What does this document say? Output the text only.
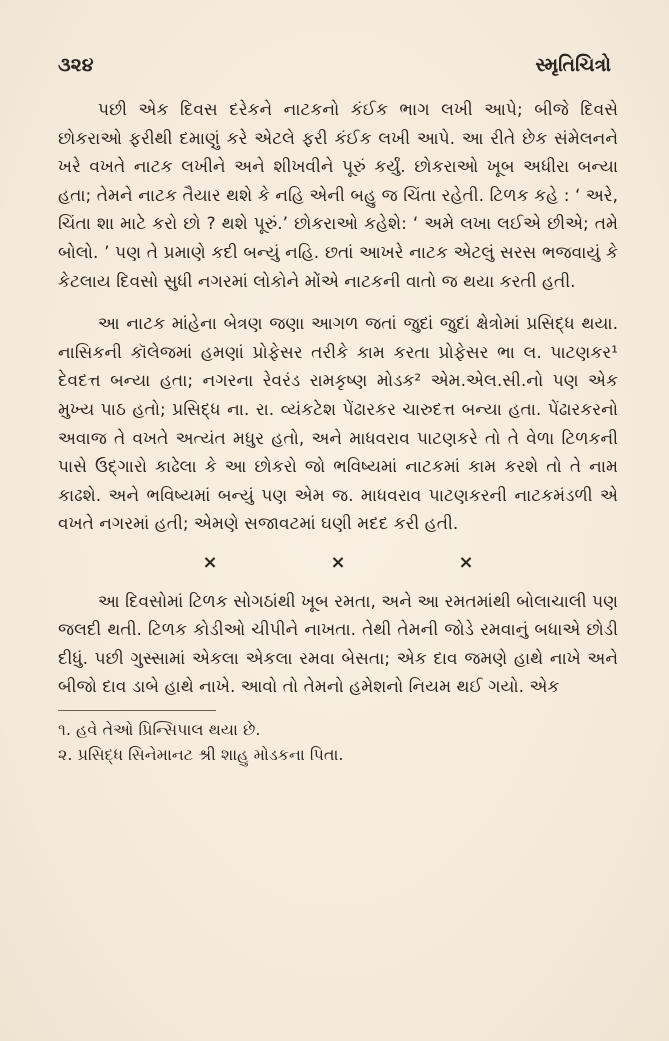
૩૨૪	સ્મૃતિચિત્રો

પછી એક દિવસ દરેકને નાટકનો કંઈક ભાગ લખી આપે; બીજે દિવસે છોકરાઓ ફરીથી દમાણું કરે એટલે ફરી કંઈક લખી આપે. આ રીતે છેક સંમેલનને ખરે વખતે નાટક લખીને અને શીખવીને પૂરું કર્યું. છોકરાઓ ખૂબ અધીરા બન્યા હતા; તેમને નાટક તૈયાર થશે કે નહિ એની બહુ જ ચિંતા રહેતી. ટિળક કહે : ‘ અરે, ચિંતા શા માટે કરો છો ? થશે પૂરું.’ છોકરાઓ કહેશે: ‘ અમે લખા લઈએ છીએ; તમે બોલો. ’ પણ તે પ્રમાણે કદી બન્યું નહિ. છતાં આખરે નાટક એટલું સરસ ભજવાયું કે કેટલાય દિવસો સુધી નગરમાં લોકોને મોંએ નાટકની વાતો જ થયા કરતી હતી.

આ નાટક માંહેના બેત્રણ જણા આગળ જતાં જુદાં જુદાં ક્ષેત્રોમાં પ્રસિદ્ધ થયા. નાસિકની કૉલેજમાં હમણાં પ્રોફેસર તરીકે કામ કરતા પ્રોફેસર ભા લ. પાટણકર¹ દેવદત્ત બન્યા હતા; નગરના રેવરંડ રામકૃષ્ણ મોડક² એમ.એલ.સી.નો પણ એક મુખ્ય પાઠ હતો; પ્રસિદ્ધ ના. રા. વ્યંકટેશ પેંઢારકર ચારુદત્ત બન્યા હતા. પેંઢારકરનો અવાજ તે વખતે અત્યંત મધુર હતો, અને માધવરાવ પાટણકરે તો તે વેળા ટિળકની પાસે ઉદ્ગારો કાઢેલા કે આ છોકરો જો ભવિષ્યમાં નાટકમાં કામ કરશે તો તે નામ કાઢશે. અને ભવિષ્યમાં બન્યું પણ એમ જ. માધવરાવ પાટણકરની નાટકમંડળી એ વખતે નગરમાં હતી; એમણે સજાવટમાં ઘણી મદદ કરી હતી.

×	×	×

આ દિવસોમાં ટિળક સોગઠાંથી ખૂબ રમતા, અને આ રમતમાંથી બોલાચાલી પણ જલદી થતી. ટિળક કોડીઓ ચીપીને નાખતા. તેથી તેમની જોડે રમવાનું બધાએ છોડી દીધું. પછી ગુસ્સામાં એકલા એકલા રમવા બેસતા; એક દાવ જમણે હાથે નાખે અને બીજો દાવ ડાબે હાથે નાખે. આવો તો તેમનો હમેશનો નિયમ થઈ ગયો. એક

૧. હવે તેઓ પ્રિન્સિપાલ થયા છે.
૨. પ્રસિદ્ધ સિનેમાનટ શ્રી શાહુ મોડકના પિતા.
